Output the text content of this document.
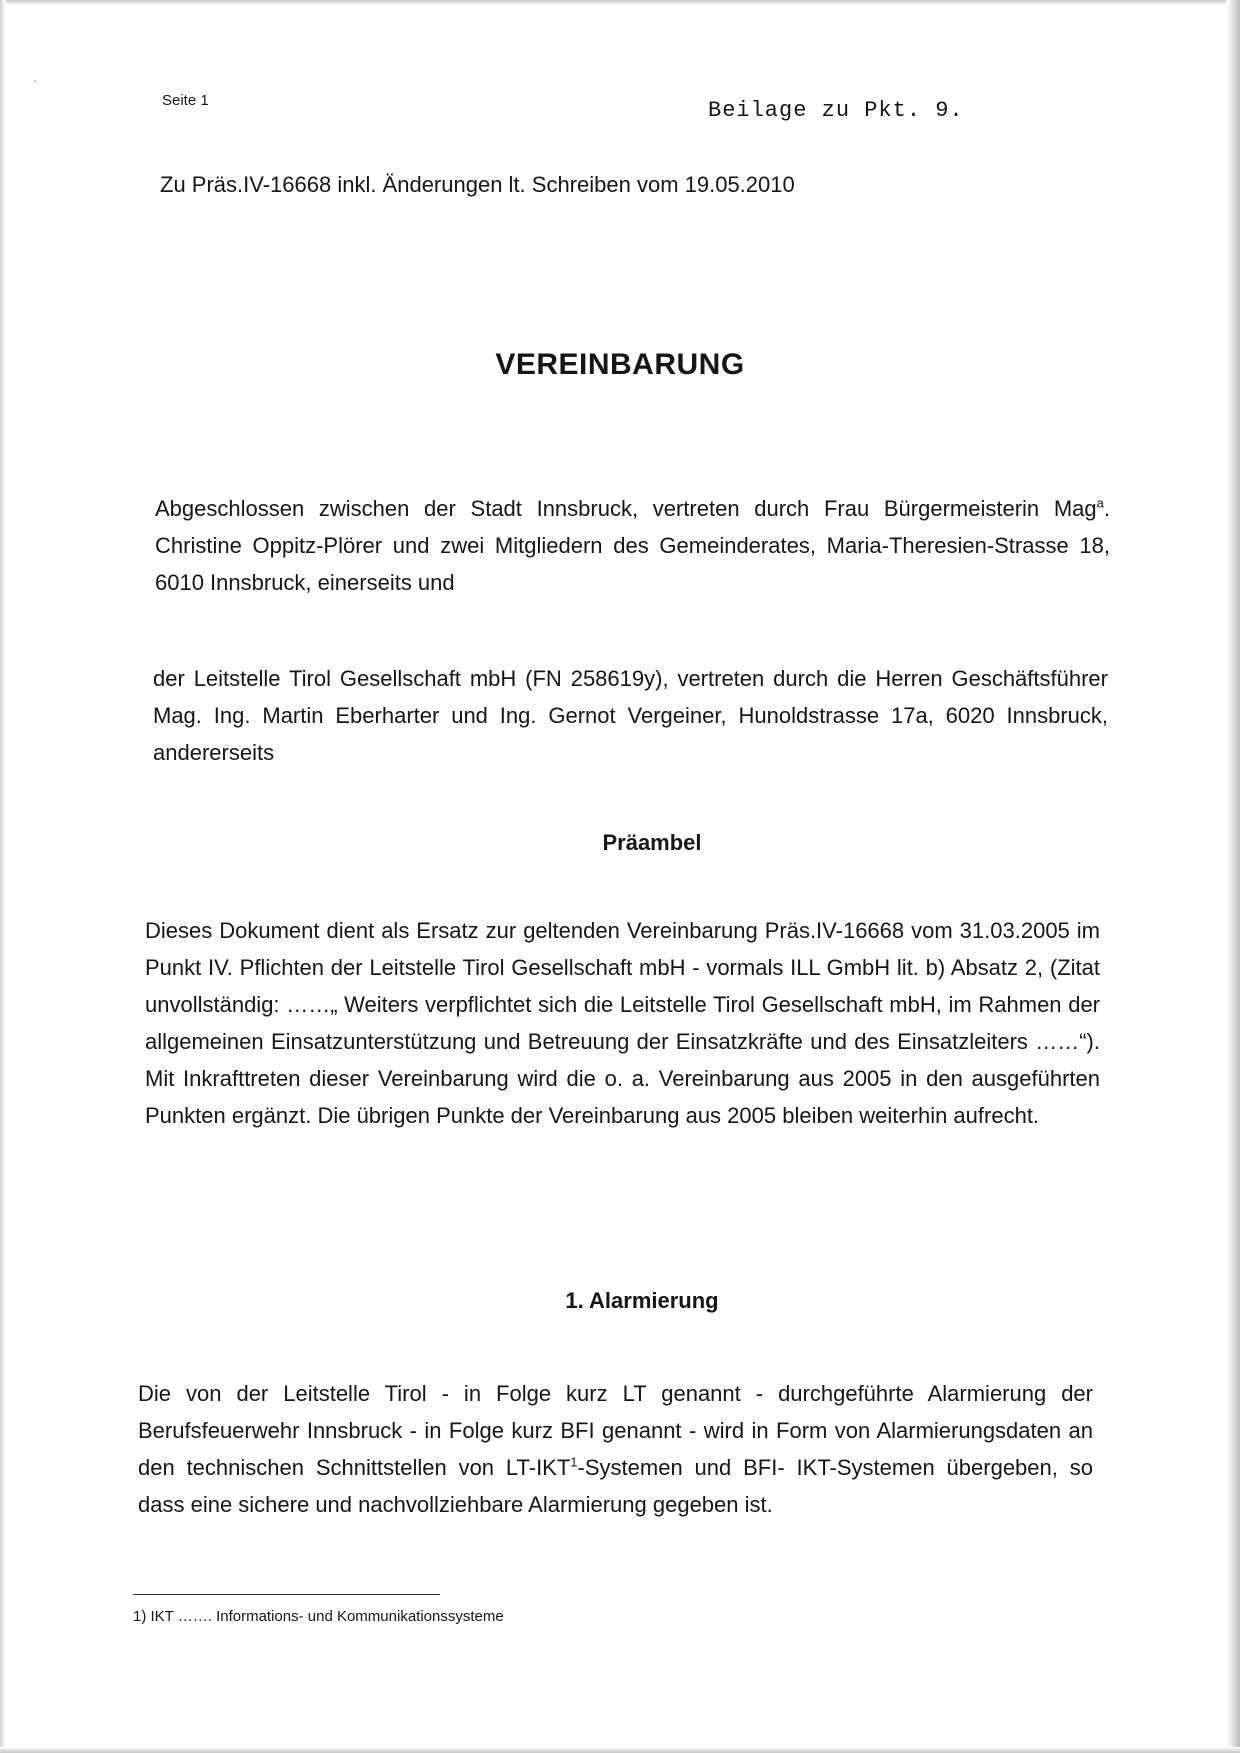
Seite 1	Beilage zu Pkt. 9.

Zu Präs.IV-16668 inkl. Änderungen lt. Schreiben vom 19.05.2010

VEREINBARUNG

Abgeschlossen zwischen der Stadt Innsbruck, vertreten durch Frau Bürgermeisterin Mag$^a$. Christine Oppitz-Plörer und zwei Mitgliedern des Gemeinderates, Maria-Theresien-Strasse 18, 6010 Innsbruck, einerseits und

der Leitstelle Tirol Gesellschaft mbH (FN 258619y), vertreten durch die Herren Geschäftsführer Mag. Ing. Martin Eberharter und Ing. Gernot Vergeiner, Hunoldstrasse 17a, 6020 Innsbruck, andererseits

Präambel

Dieses Dokument dient als Ersatz zur geltenden Vereinbarung Präs.IV-16668 vom 31.03.2005 im Punkt IV. Pflichten der Leitstelle Tirol Gesellschaft mbH - vormals ILL GmbH lit. b) Absatz 2, (Zitat unvollständig: ……„ Weiters verpflichtet sich die Leitstelle Tirol Gesellschaft mbH, im Rahmen der allgemeinen Einsatzunterstützung und Betreuung der Einsatzkräfte und des Einsatzleiters ……“). Mit Inkrafttreten dieser Vereinbarung wird die o. a. Vereinbarung aus 2005 in den ausgeführten Punkten ergänzt. Die übrigen Punkte der Vereinbarung aus 2005 bleiben weiterhin aufrecht.

1. Alarmierung

Die von der Leitstelle Tirol - in Folge kurz LT genannt - durchgeführte Alarmierung der Berufsfeuerwehr Innsbruck - in Folge kurz BFI genannt - wird in Form von Alarmierungsdaten an den technischen Schnittstellen von LT-IKT$^1$-Systemen und BFI- IKT-Systemen übergeben, so dass eine sichere und nachvollziehbare Alarmierung gegeben ist.

1) IKT ……. Informations- und Kommunikationssysteme
